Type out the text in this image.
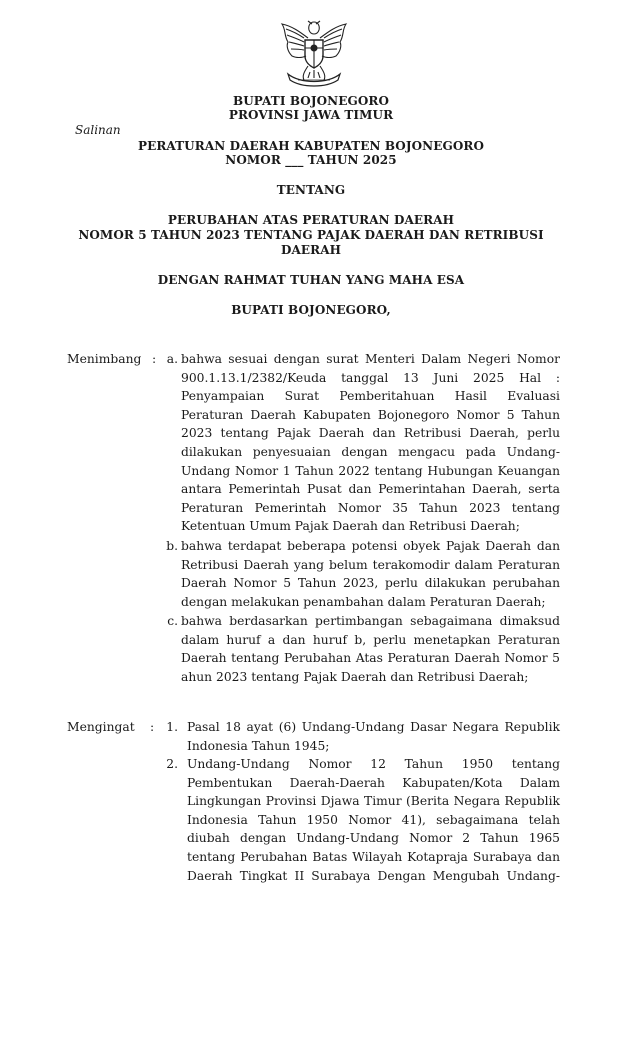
BUPATI BOJONEGORO
PROVINSI JAWA TIMUR
Salinan
PERATURAN DAERAH KABUPATEN BOJONEGORO
NOMOR ___ TAHUN 2025
TENTANG
PERUBAHAN ATAS PERATURAN DAERAH
NOMOR 5 TAHUN 2023 TENTANG PAJAK DAERAH DAN RETRIBUSI
DAERAH
DENGAN RAHMAT TUHAN YANG MAHA ESA
BUPATI BOJONEGORO,
Menimbang : a. bahwa sesuai dengan surat Menteri Dalam Negeri Nomor
900.1.13.1/2382/Keuda tanggal 13 Juni 2025 Hal :
Penyampaian Surat Pemberitahuan Hasil Evaluasi
Peraturan Daerah Kabupaten Bojonegoro Nomor 5 Tahun
2023 tentang Pajak Daerah dan Retribusi Daerah, perlu
dilakukan penyesuaian dengan mengacu pada Undang-
Undang Nomor 1 Tahun 2022 tentang Hubungan Keuangan
antara Pemerintah Pusat dan Pemerintahan Daerah, serta
Peraturan Pemerintah Nomor 35 Tahun 2023 tentang
Ketentuan Umum Pajak Daerah dan Retribusi Daerah;
b. bahwa terdapat beberapa potensi obyek Pajak Daerah dan
Retribusi Daerah yang belum terakomodir dalam Peraturan
Daerah Nomor 5 Tahun 2023, perlu dilakukan perubahan
dengan melakukan penambahan dalam Peraturan Daerah;
c. bahwa berdasarkan pertimbangan sebagaimana dimaksud
dalam huruf a dan huruf b, perlu menetapkan Peraturan
Daerah tentang Perubahan Atas Peraturan Daerah Nomor 5
ahun 2023 tentang Pajak Daerah dan Retribusi Daerah;
Mengingat : 1. Pasal 18 ayat (6) Undang-Undang Dasar Negara Republik
Indonesia Tahun 1945;
2. Undang-Undang Nomor 12 Tahun 1950 tentang
Pembentukan Daerah-Daerah Kabupaten/Kota Dalam
Lingkungan Provinsi Djawa Timur (Berita Negara Republik
Indonesia Tahun 1950 Nomor 41), sebagaimana telah
diubah dengan Undang-Undang Nomor 2 Tahun 1965
tentang Perubahan Batas Wilayah Kotapraja Surabaya dan
Daerah Tingkat II Surabaya Dengan Mengubah Undang-
